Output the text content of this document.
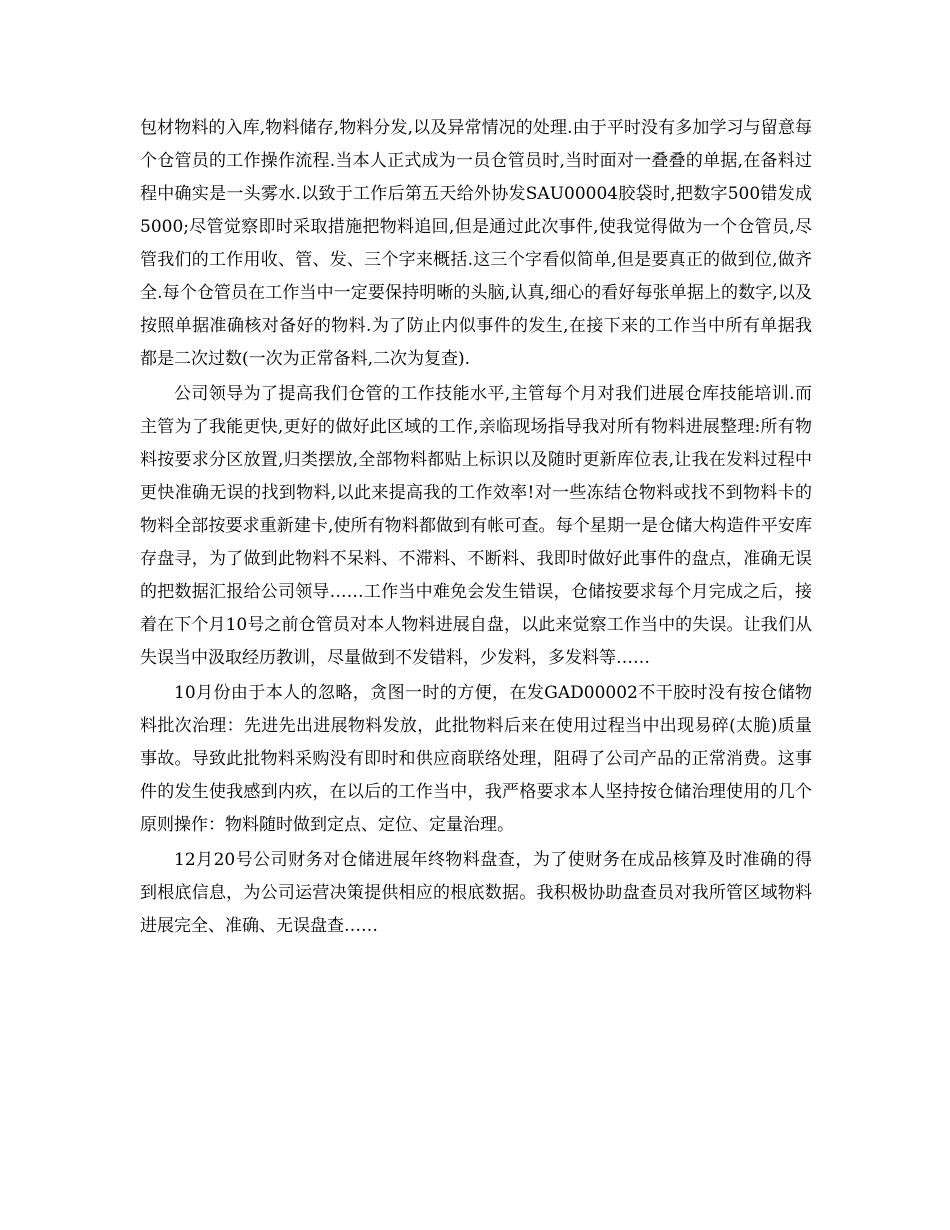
包材物料的入库,物料储存,物料分发,以及异常情况的处理.由于平时没有多加学习与留意每个仓管员的工作操作流程.当本人正式成为一员仓管员时,当时面对一叠叠的单据,在备料过程中确实是一头雾水.以致于工作后第五天给外协发SAU00004胶袋时,把数字500错发成5000;尽管觉察即时采取措施把物料追回,但是通过此次事件,使我觉得做为一个仓管员,尽管我们的工作用收、管、发、三个字来概括.这三个字看似简单,但是要真正的做到位,做齐全.每个仓管员在工作当中一定要保持明晰的头脑,认真,细心的看好每张单据上的数字,以及按照单据准确核对备好的物料.为了防止内似事件的发生,在接下来的工作当中所有单据我都是二次过数(一次为正常备料,二次为复查).

公司领导为了提高我们仓管的工作技能水平,主管每个月对我们进展仓库技能培训.而主管为了我能更快,更好的做好此区域的工作,亲临现场指导我对所有物料进展整理:所有物料按要求分区放置,归类摆放,全部物料都贴上标识以及随时更新库位表,让我在发料过程中更快准确无误的找到物料,以此来提高我的工作效率!对一些冻结仓物料或找不到物料卡的物料全部按要求重新建卡,使所有物料都做到有帐可查。每个星期一是仓储大构造件平安库存盘寻，为了做到此物料不呆料、不滞料、不断料、我即时做好此事件的盘点，准确无误的把数据汇报给公司领导……工作当中难免会发生错误，仓储按要求每个月完成之后，接着在下个月10号之前仓管员对本人物料进展自盘，以此来觉察工作当中的失误。让我们从失误当中汲取经历教训，尽量做到不发错料，少发料，多发料等……

10月份由于本人的忽略，贪图一时的方便，在发GAD00002不干胶时没有按仓储物料批次治理：先进先出进展物料发放，此批物料后来在使用过程当中出现易碎(太脆)质量事故。导致此批物料采购没有即时和供应商联络处理，阻碍了公司产品的正常消费。这事件的发生使我感到内疚，在以后的工作当中，我严格要求本人坚持按仓储治理使用的几个原则操作：物料随时做到定点、定位、定量治理。

12月20号公司财务对仓储进展年终物料盘查，为了使财务在成品核算及时准确的得到根底信息，为公司运营决策提供相应的根底数据。我积极协助盘查员对我所管区域物料进展完全、准确、无误盘查……
